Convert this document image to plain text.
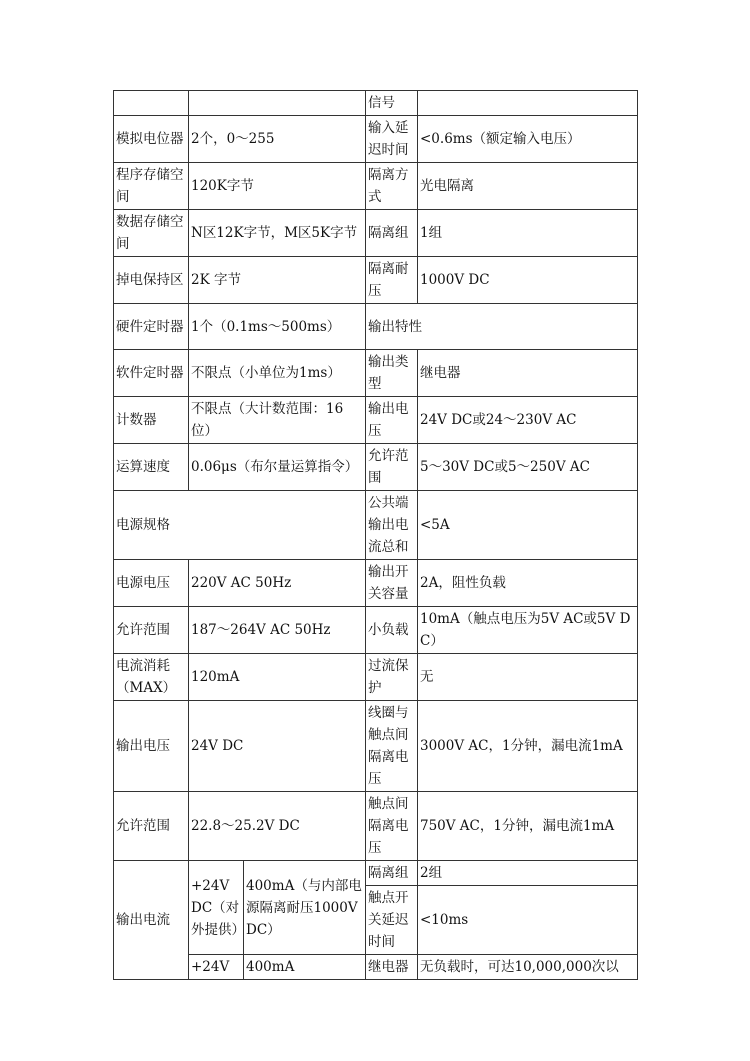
			信号	
模拟电位器	2个，0～255		输入延迟时间	<0.6ms（额定输入电压）
程序存储空间	120K字节		隔离方式	光电隔离
数据存储空间	N区12K字节，M区5K字节		隔离组	1组
掉电保持区	2K 字节		隔离耐压	1000V DC
硬件定时器	1个（0.1ms～500ms）		输出特性	
软件定时器	不限点（小单位为1ms）		输出类型	继电器
计数器	不限点（大计数范围：16位）		输出电压	24V DC或24～230V AC
运算速度	0.06μs（布尔量运算指令）		允许范围	5～30V DC或5～250V AC
电源规格			公共端输出电流总和	<5A
电源电压	220V AC 50Hz		输出开关容量	2A，阻性负载
允许范围	187～264V AC 50Hz		小负载	10mA（触点电压为5V AC或5V DC）
电流消耗（MAX）	120mA		过流保护	无
输出电压	24V DC		线圈与触点间隔离电压	3000V AC，1分钟，漏电流1mA
允许范围	22.8～25.2V DC		触点间隔离电压	750V AC，1分钟，漏电流1mA
输出电流	+24V DC（对外提供）	400mA（与内部电源隔离耐压1000VDC）	隔离组	2组
			触点开关延迟时间	<10ms
	+24V	400mA	继电器	无负载时，可达10,000,000次以
